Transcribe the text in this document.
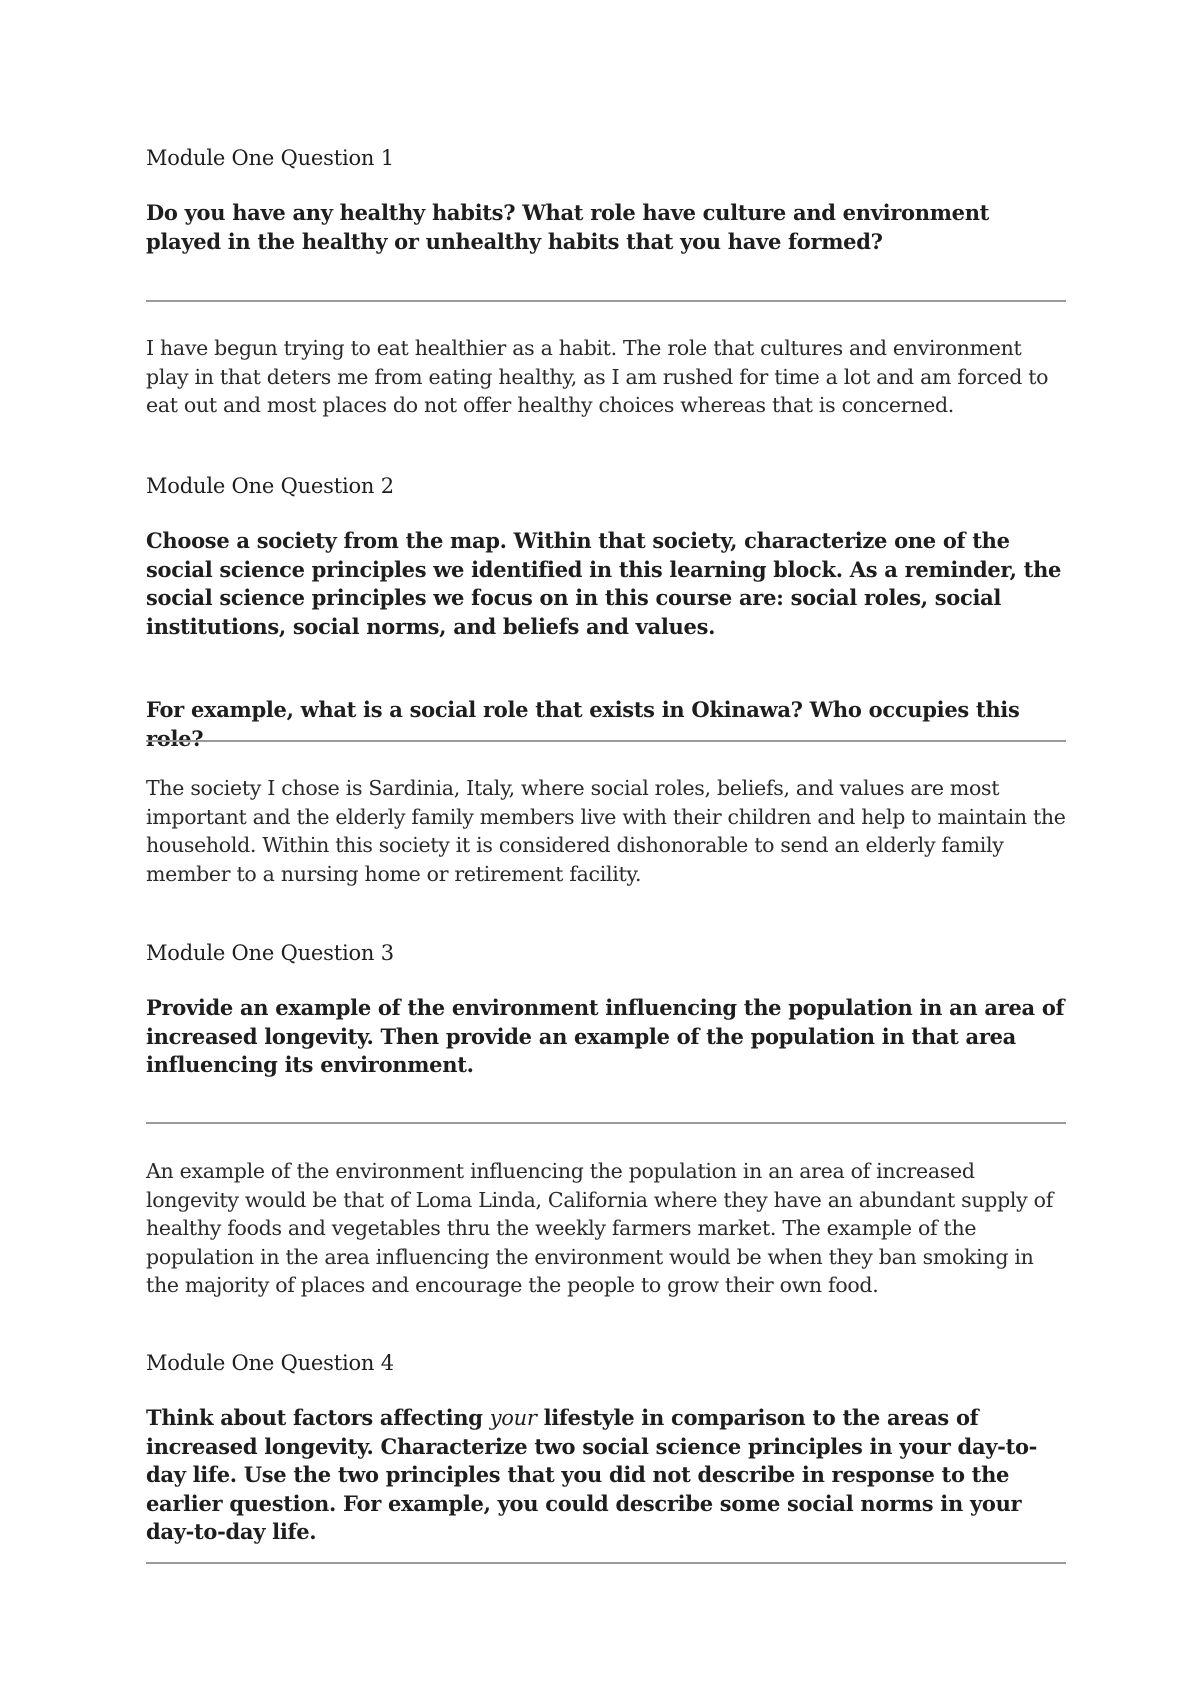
Module One Question 1

Do you have any healthy habits? What role have culture and environment played in the healthy or unhealthy habits that you have formed?

I have begun trying to eat healthier as a habit. The role that cultures and environment play in that deters me from eating healthy, as I am rushed for time a lot and am forced to eat out and most places do not offer healthy choices whereas that is concerned.

Module One Question 2

Choose a society from the map. Within that society, characterize one of the social science principles we identified in this learning block. As a reminder, the social science principles we focus on in this course are: social roles, social institutions, social norms, and beliefs and values.

For example, what is a social role that exists in Okinawa? Who occupies this role?

The society I chose is Sardinia, Italy, where social roles, beliefs, and values are most important and the elderly family members live with their children and help to maintain the household. Within this society it is considered dishonorable to send an elderly family member to a nursing home or retirement facility.

Module One Question 3

Provide an example of the environment influencing the population in an area of increased longevity. Then provide an example of the population in that area influencing its environment.

An example of the environment influencing the population in an area of increased longevity would be that of Loma Linda, California where they have an abundant supply of healthy foods and vegetables thru the weekly farmers market. The example of the population in the area influencing the environment would be when they ban smoking in the majority of places and encourage the people to grow their own food.

Module One Question 4

Think about factors affecting your lifestyle in comparison to the areas of increased longevity. Characterize two social science principles in your day-to-day life. Use the two principles that you did not describe in response to the earlier question. For example, you could describe some social norms in your day-to-day life.
